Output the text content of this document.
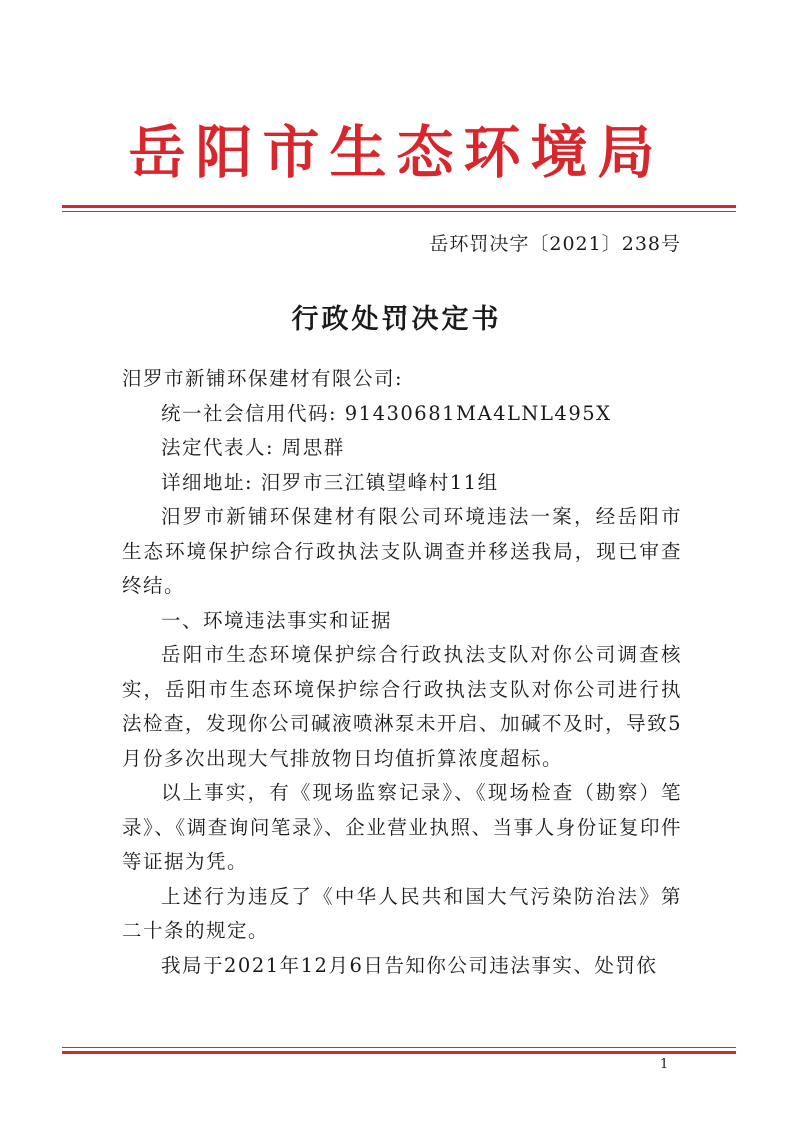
岳阳市生态环境局
岳环罚决字〔2021〕238号
行政处罚决定书

汨罗市新铺环保建材有限公司:

统一社会信用代码: 91430681MA4LNL495X

法定代表人: 周思群

详细地址: 汨罗市三江镇望峰村11组

汨罗市新铺环保建材有限公司环境违法一案，经岳阳市生态环境保护综合行政执法支队调查并移送我局，现已审查终结。

一、环境违法事实和证据

岳阳市生态环境保护综合行政执法支队对你公司调查核实，岳阳市生态环境保护综合行政执法支队对你公司进行执法检查，发现你公司碱液喷淋泵未开启、加碱不及时，导致5月份多次出现大气排放物日均值折算浓度超标。

以上事实，有《现场监察记录》、《现场检查（勘察）笔录》、《调查询问笔录》、企业营业执照、当事人身份证复印件等证据为凭。

上述行为违反了《中华人民共和国大气污染防治法》第二十条的规定。

我局于2021年12月6日告知你公司违法事实、处罚依

1
